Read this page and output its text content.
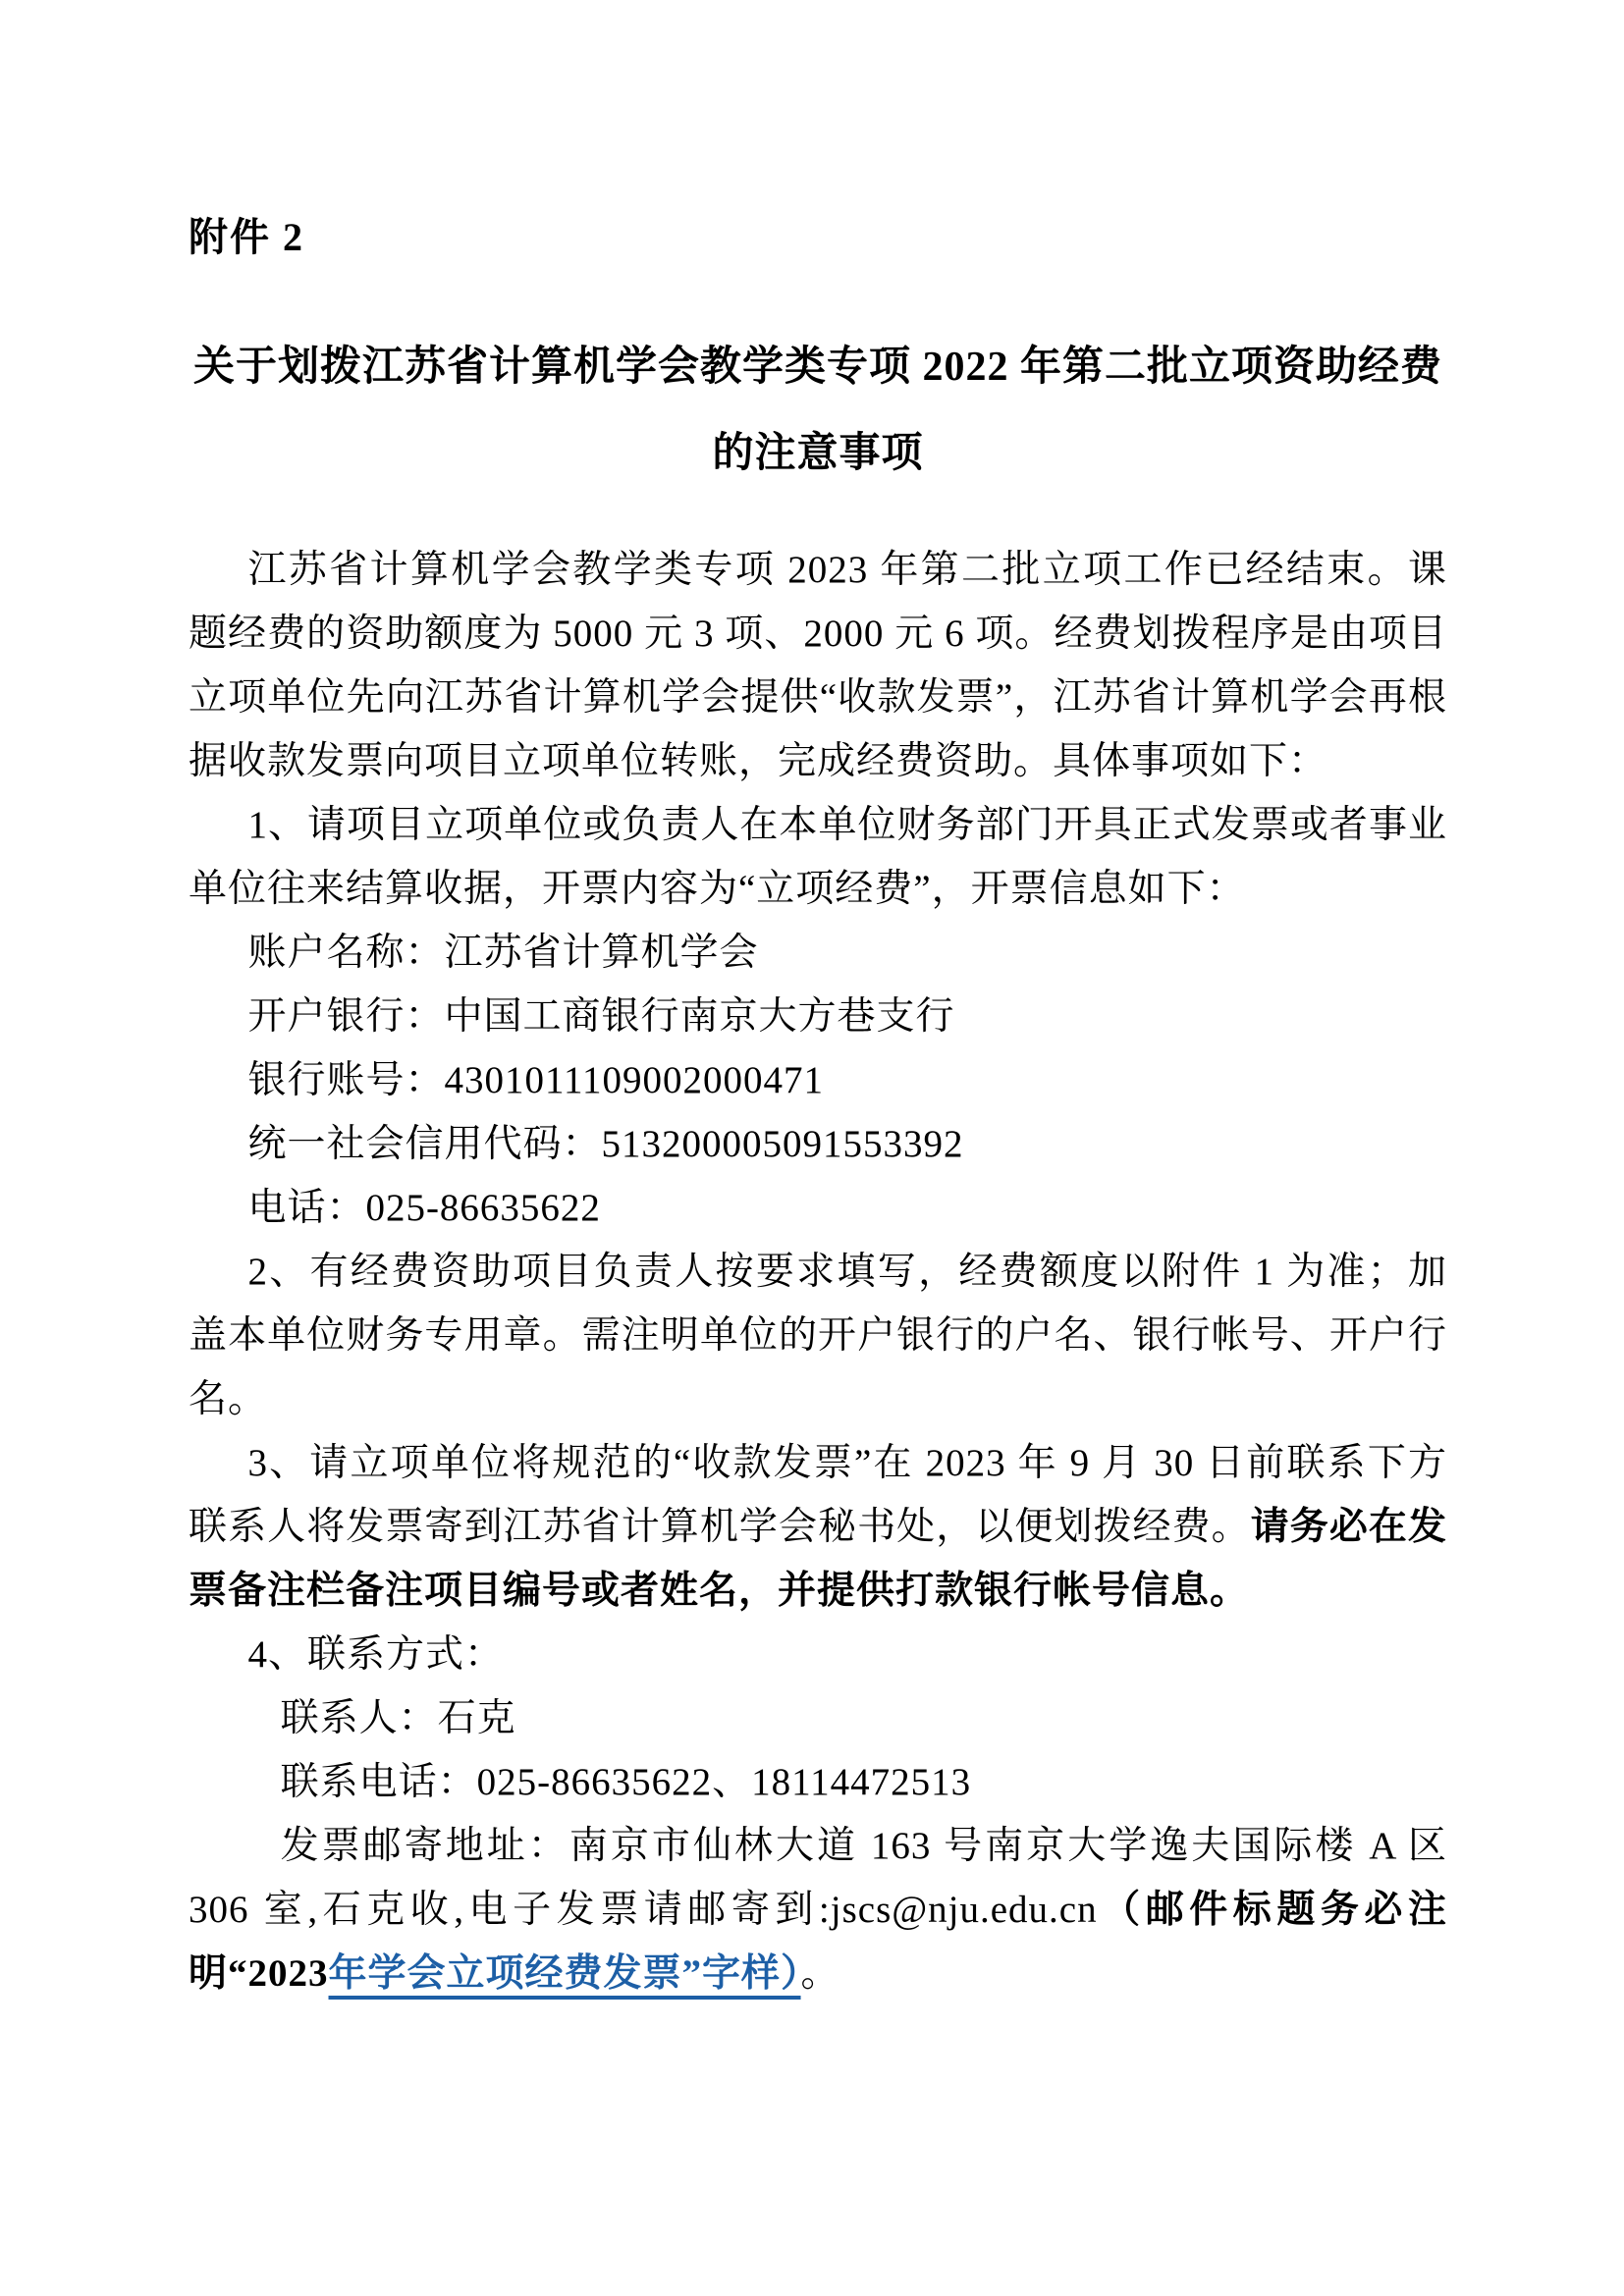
附件 2
关于划拨江苏省计算机学会教学类专项 2022 年第二批立项资助经费的注意事项

江苏省计算机学会教学类专项 2023 年第二批立项工作已经结束。课题经费的资助额度为 5000 元 3 项、2000 元 6 项。经费划拨程序是由项目立项单位先向江苏省计算机学会提供“收款发票”，江苏省计算机学会再根据收款发票向项目立项单位转账，完成经费资助。具体事项如下：

1、请项目立项单位或负责人在本单位财务部门开具正式发票或者事业单位往来结算收据，开票内容为“立项经费”，开票信息如下：

账户名称：江苏省计算机学会

开户银行：中国工商银行南京大方巷支行

银行账号：4301011109002000471

统一社会信用代码：513200005091553392

电话：025-86635622

2、有经费资助项目负责人按要求填写，经费额度以附件 1 为准；加盖本单位财务专用章。需注明单位的开户银行的户名、银行帐号、开户行名。

3、请立项单位将规范的“收款发票”在 2023 年 9 月 30 日前联系下方联系人将发票寄到江苏省计算机学会秘书处，以便划拨经费。请务必在发票备注栏备注项目编号或者姓名，并提供打款银行帐号信息。

4、联系方式：

联系人：石克

联系电话：025-86635622、18114472513

发票邮寄地址：南京市仙林大道 163 号南京大学逸夫国际楼 A 区 306 室,石克收,电子发票请邮寄到:jscs@nju.edu.cn（邮件标题务必注明“2023年学会立项经费发票”字样）。
